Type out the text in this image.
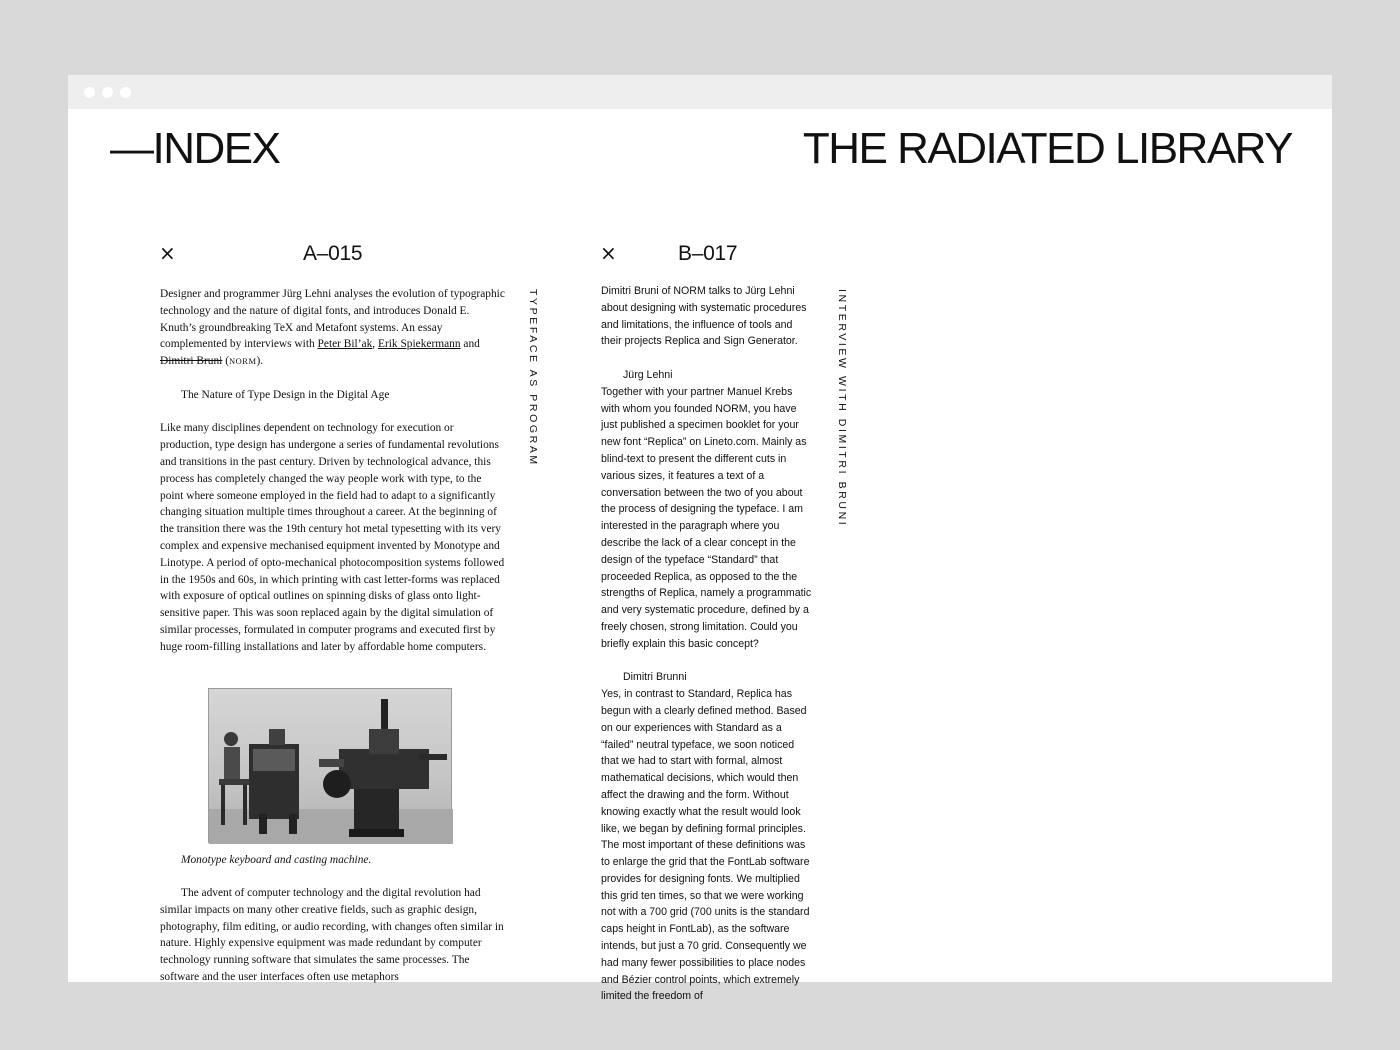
—INDEX	THE RADIATED LIBRARY
×	A–015
TYPEFACE AS PROGRAM

Designer and programmer Jürg Lehni analyses the evolution of typographic technology and the nature of digital fonts, and introduces Donald E. Knuth’s groundbreaking TeX and Metafont systems. An essay complemented by interviews with Peter Bil’ak, Erik Spiekermann and Dimitri Bruni (NORM).

The Nature of Type Design in the Digital Age

Like many disciplines dependent on technology for execution or production, type design has undergone a series of fundamental revolutions and transitions in the past century. Driven by technological advance, this process has completely changed the way people work with type, to the point where someone employed in the field had to adapt to a significantly changing situation multiple times throughout a career. At the beginning of the transition there was the 19th century hot metal typesetting with its very complex and expensive mechanised equipment invented by Monotype and Linotype. A period of opto-mechanical photocomposition systems followed in the 1950s and 60s, in which printing with cast letter-forms was replaced with exposure of optical outlines on spinning disks of glass onto light-sensitive paper. This was soon replaced again by the digital simulation of similar processes, formulated in computer programs and executed first by huge room-filling installations and later by affordable home computers.

Monotype keyboard and casting machine.

The advent of computer technology and the digital revolution had similar impacts on many other creative fields, such as graphic design, photography, film editing, or audio recording, with changes often similar in nature. Highly expensive equipment was made redundant by computer technology running software that simulates the same processes. The software and the user interfaces often use metaphors

×	B–017
INTERVIEW WITH DIMITRI BRUNI

Dimitri Bruni of NORM talks to Jürg Lehni about designing with systematic procedures and limitations, the influence of tools and their projects Replica and Sign Generator.

Jürg Lehni

Together with your partner Manuel Krebs with whom you founded NORM, you have just published a specimen booklet for your new font “Replica” on Lineto.com. Mainly as blind-text to present the different cuts in various sizes, it features a text of a conversation between the two of you about the process of designing the typeface. I am interested in the paragraph where you describe the lack of a clear concept in the design of the typeface “Standard” that proceeded Replica, as opposed to the the strengths of Replica, namely a programmatic and very systematic procedure, defined by a freely chosen, strong limitation. Could you briefly explain this basic concept?

Dimitri Brunni

Yes, in contrast to Standard, Replica has begun with a clearly defined method. Based on our experiences with Standard as a “failed” neutral typeface, we soon noticed that we had to start with formal, almost mathematical decisions, which would then affect the drawing and the form. Without knowing exactly what the result would look like, we began by defining formal principles. The most important of these definitions was to enlarge the grid that the FontLab software provides for designing fonts. We multiplied this grid ten times, so that we were working not with a 700 grid (700 units is the standard caps height in FontLab), as the software intends, but just a 70 grid. Consequently we had many fewer possibilities to place nodes and Bézier control points, which extremely limited the freedom of
